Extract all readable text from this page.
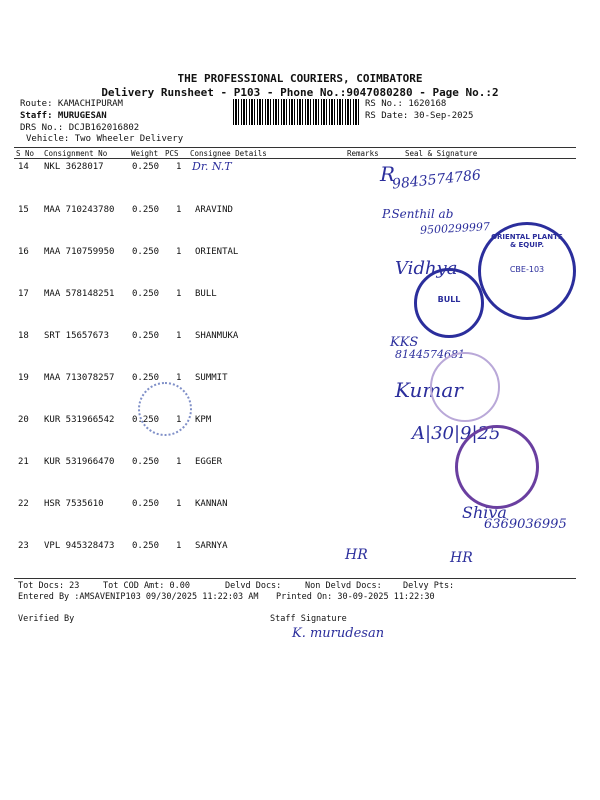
THE PROFESSIONAL COURIERS, COIMBATORE
Delivery Runsheet - P103 - Phone No.:9047080280 - Page No.:2
Route: KAMACHIPURAM
Staff: MURUGESAN
DRS No.: DCJB162016802
Vehicle: Two Wheeler Delivery
RS No.: 1620168
RS Date: 30-Sep-2025
S No Consignment No	Weight PCS Consignee Details	Remarks	Seal & Signature
14 NKL 3628017	0.250 1
15 MAA 710243780 0.250 1 ARAVIND
16 MAA 710759950 0.250 1 ORIENTAL
17 MAA 578148251 0.250 1 BULL
18 SRT 15657673	0.250 1 SHANMUKA
19 MAA 713078257 0.250 1 SUMMIT
20 KUR 531966542 0.250 1 KPM
21 KUR 531966470 0.250 1 EGGER
22 HSR 7535610	0.250 1 KANNAN
23 VPL 945328473 0.250 1 SARNYA
Dr. N.T	R
9843574786
P.Senthil ab
9500299997
Vidhya
KKS
8144574681
Kumar
A|30|9|25
Shiva
6369036995
HR	HR
ORIENTAL PLANTS & EQUIP.
CBE-103
BULL
Tot Docs: 23	Tot COD Amt: 0.00	Delvd Docs:	Non Delvd Docs: Delvy Pts:
Entered By :AMSAVENIP103 09/30/2025 11:22:03 AM Printed On: 30-09-2025 11:22:30
Verified By	Staff Signature
K. murudesan
